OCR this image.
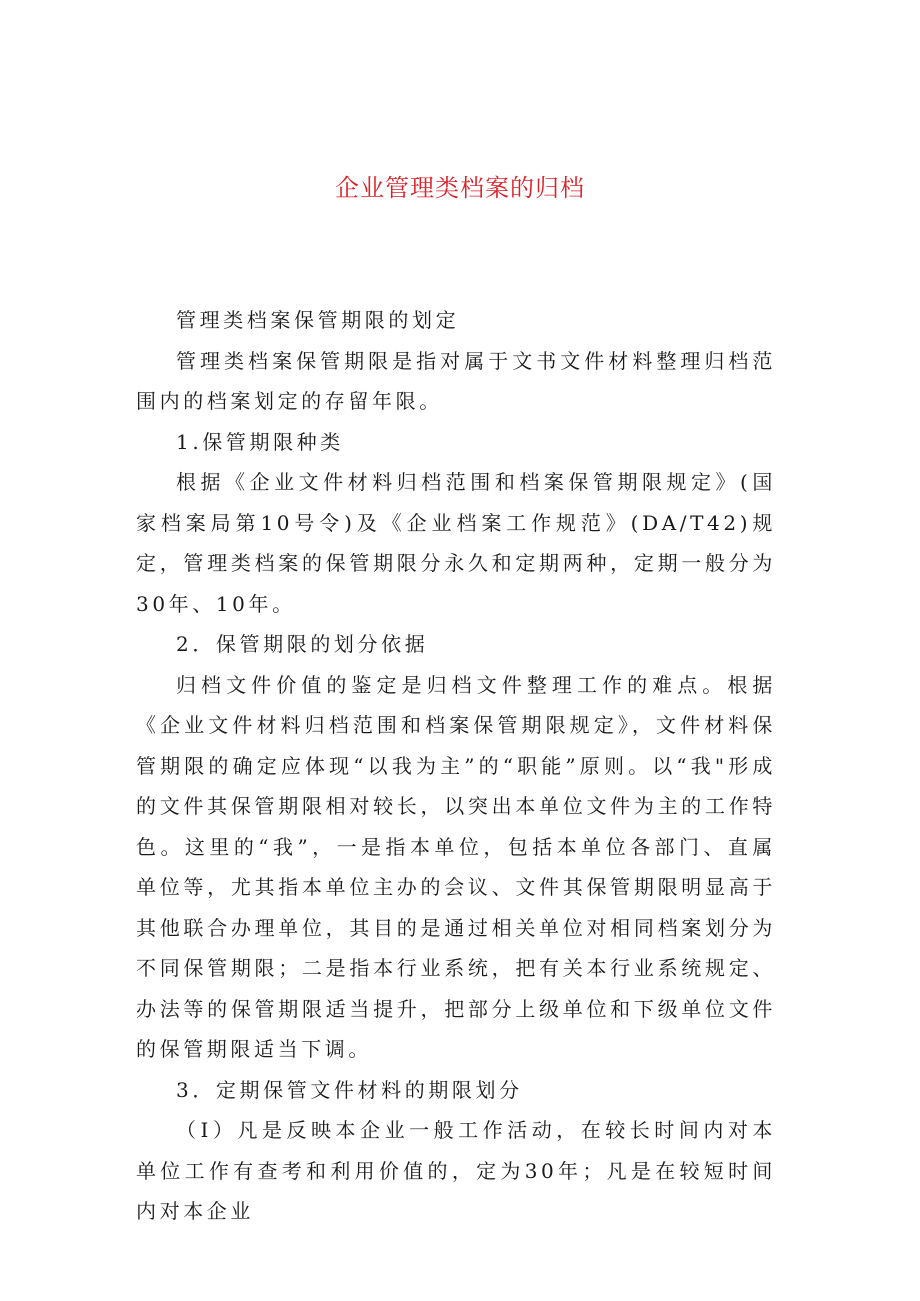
企业管理类档案的归档

管理类档案保管期限的划定

管理类档案保管期限是指对属于文书文件材料整理归档范围内的档案划定的存留年限。

1.保管期限种类

根据《企业文件材料归档范围和档案保管期限规定》(国家档案局第10号令)及《企业档案工作规范》(DA/T42)规定，管理类档案的保管期限分永久和定期两种，定期一般分为30年、10年。

2．保管期限的划分依据

归档文件价值的鉴定是归档文件整理工作的难点。根据《企业文件材料归档范围和档案保管期限规定》，文件材料保管期限的确定应体现“以我为主”的“职能”原则。以“我"形成的文件其保管期限相对较长，以突出本单位文件为主的工作特色。这里的“我”，一是指本单位，包括本单位各部门、直属单位等，尤其指本单位主办的会议、文件其保管期限明显高于其他联合办理单位，其目的是通过相关单位对相同档案划分为不同保管期限；二是指本行业系统，把有关本行业系统规定、办法等的保管期限适当提升，把部分上级单位和下级单位文件的保管期限适当下调。

3．定期保管文件材料的期限划分

（I）凡是反映本企业一般工作活动，在较长时间内对本单位工作有查考和利用价值的，定为30年；凡是在较短时间内对本企业
